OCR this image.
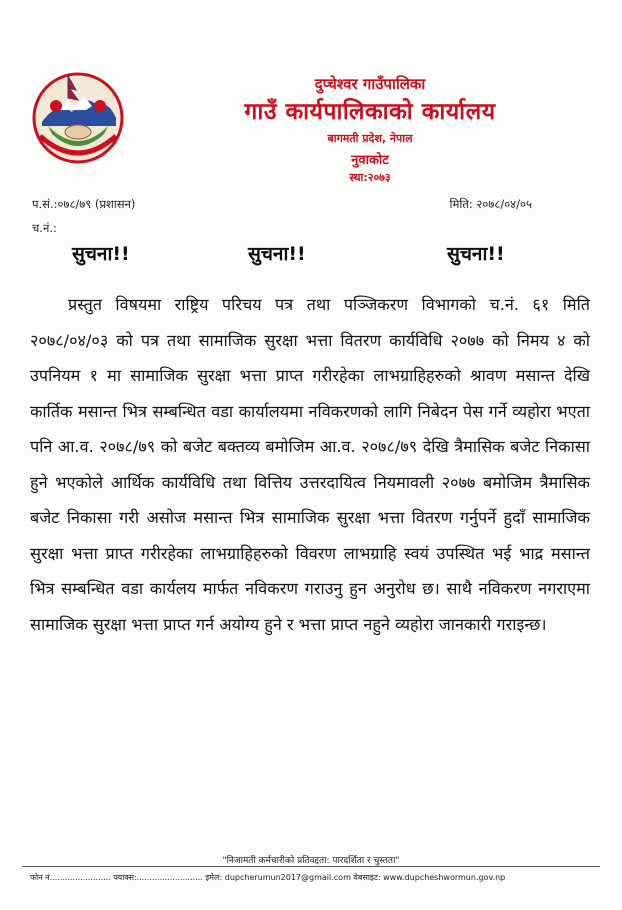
दुप्चेश्वर गाउँपालिका
गाउँ कार्यपालिकाको कार्यालय
बागमती प्रदेश, नेपाल
नुवाकोट
स्था:२०७३
प.सं.:०७८/७९ (प्रशासन)
च.नं.:
मिति: २०७८/०४/०५
सुचना!!	सुचना!!	सुचना!!

प्रस्तुत विषयमा राष्ट्रिय परिचय पत्र तथा पञ्जिकरण विभागको च.नं. ६१ मिति २०७८/०४/०३ को पत्र तथा सामाजिक सुरक्षा भत्ता वितरण कार्यविधि २०७७ को निमय ४ को उपनियम १ मा सामाजिक सुरक्षा भत्ता प्राप्त गरीरहेका लाभग्राहिहरुको श्रावण मसान्त देखि कार्तिक मसान्त भित्र सम्बन्धित वडा कार्यालयमा नविकरणको लागि निबेदन पेस गर्ने व्यहोरा भएता पनि आ.व. २०७८/७९ को बजेट बक्तव्य बमोजिम आ.व. २०७८/७९ देखि त्रैमासिक बजेट निकासा हुने भएकोले आर्थिक कार्यविधि तथा वित्तिय उत्तरदायित्व नियमावली २०७७ बमोजिम त्रैमासिक बजेट निकासा गरी असोज मसान्त भित्र सामाजिक सुरक्षा भत्ता वितरण गर्नुपर्ने हुदाँ सामाजिक सुरक्षा भत्ता प्राप्त गरीरहेका लाभग्राहिहरुको विवरण लाभग्राहि स्वयं उपस्थित भई भाद्र मसान्त भित्र सम्बन्धित वडा कार्यलय मार्फत नविकरण गराउनु हुन अनुरोध छ। साथै नविकरण नगराएमा सामाजिक सुरक्षा भत्ता प्राप्त गर्न अयोग्य हुने र भत्ता प्राप्त नहुने व्यहोरा जानकारी गराइन्छ।

"निजामती कर्मचारीको प्रतिवद्दता: पारदर्शिता र चुस्तता"
फोन नं........................ फ्याक्स:.......................... इमेल: dupcherumun2017@gmail.com वेबसाइट: www.dupcheshwormun.gov.np
